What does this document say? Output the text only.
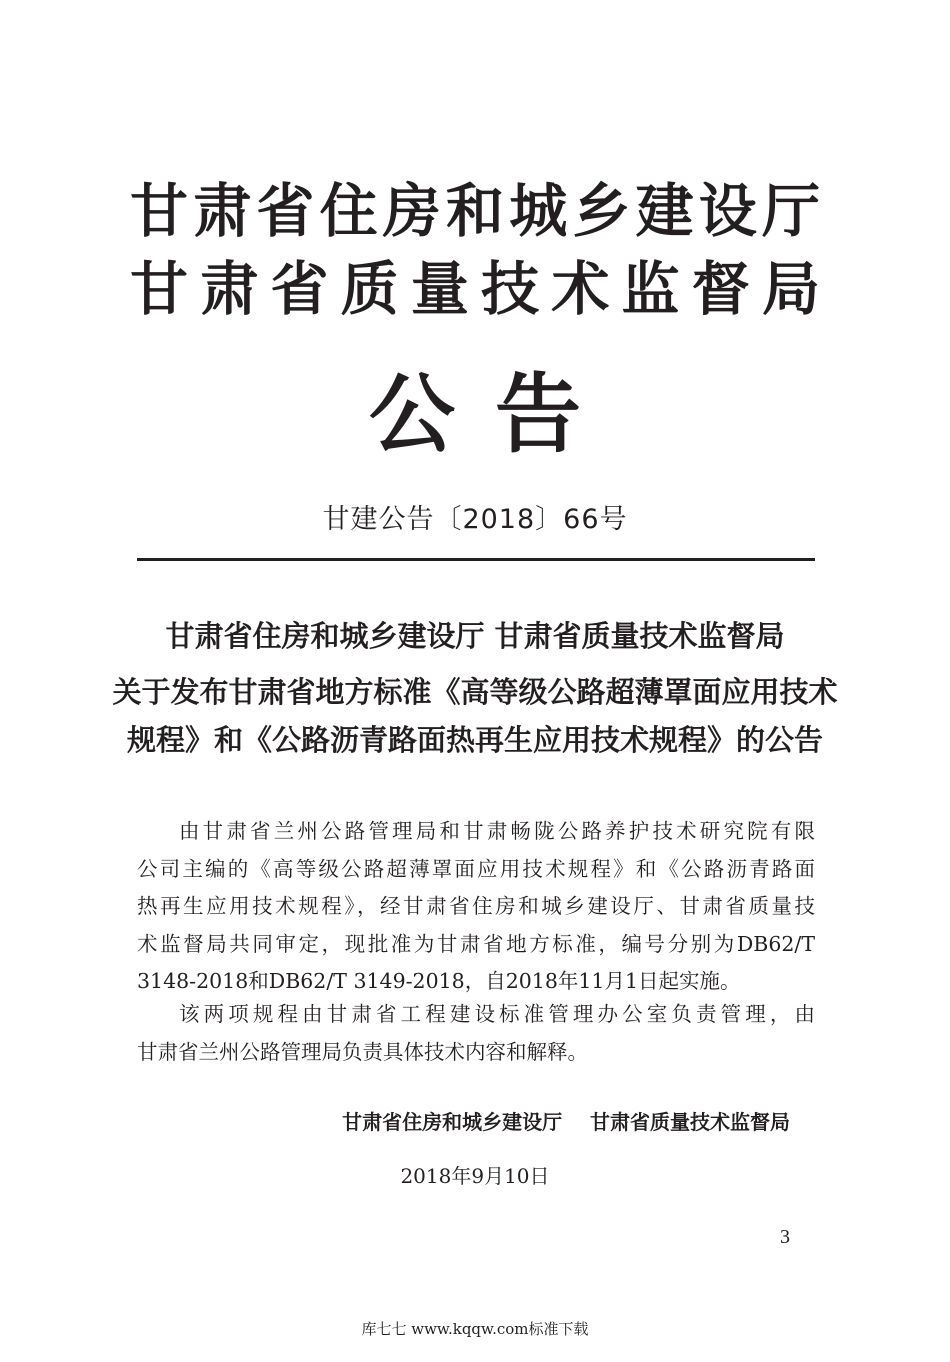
甘肃省住房和城乡建设厅
甘肃省质量技术监督局
公告
甘建公告〔2018〕66号
甘肃省住房和城乡建设厅 甘肃省质量技术监督局
关于发布甘肃省地方标准《高等级公路超薄罩面应用技术
规程》和《公路沥青路面热再生应用技术规程》的公告
由甘肃省兰州公路管理局和甘肃畅陇公路养护技术研究院有限
公司主编的《高等级公路超薄罩面应用技术规程》和《公路沥青路面
热再生应用技术规程》，经甘肃省住房和城乡建设厅、甘肃省质量技
术监督局共同审定，现批准为甘肃省地方标准，编号分别为DB62/T
3148-2018和DB62/T 3149-2018，自2018年11月1日起实施。
该两项规程由甘肃省工程建设标准管理办公室负责管理，由
甘肃省兰州公路管理局负责具体技术内容和解释。
甘肃省住房和城乡建设厅    甘肃省质量技术监督局
2018年9月10日
3
库七七 www.kqqw.com标准下载
